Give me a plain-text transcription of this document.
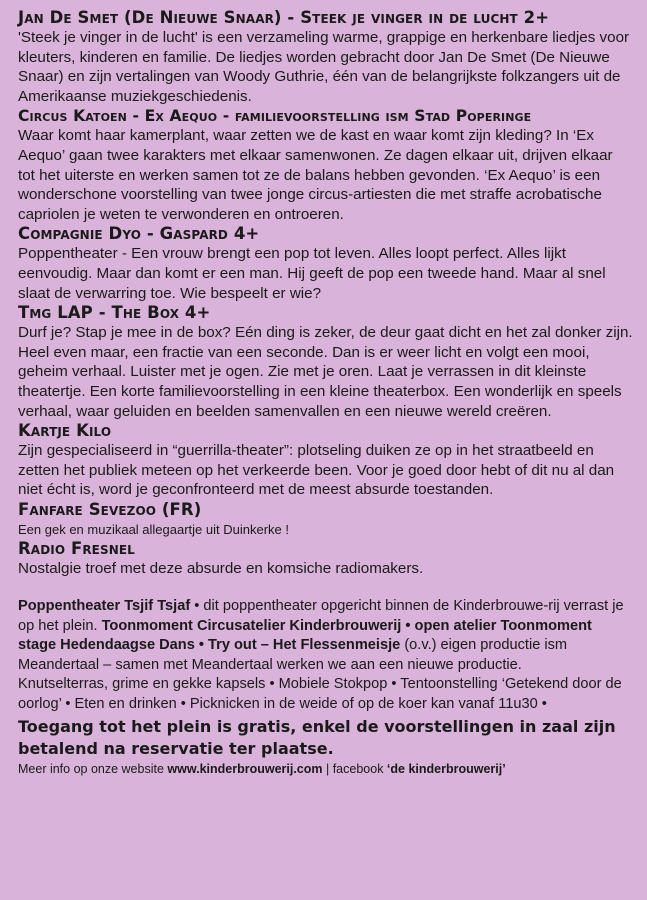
Jan De Smet (De Nieuwe Snaar) - Steek je vinger in de lucht 2+
'Steek je vinger in de lucht' is een verzameling warme, grappige en herkenbare liedjes voor kleuters, kinderen en familie. De liedjes worden gebracht door Jan De Smet (De Nieuwe Snaar) en zijn vertalingen van Woody Guthrie, één van de belangrijkste folkzangers uit de Amerikaanse muziekgeschiedenis.
Circus Katoen - Ex Aequo - familievoorstelling ism Stad Poperinge
Waar komt haar kamerplant, waar zetten we de kast en waar komt zijn kleding? In ‘Ex Aequo’ gaan twee karakters met elkaar samenwonen. Ze dagen elkaar uit, drijven elkaar tot het uiterste en werken samen tot ze de balans hebben gevonden. ‘Ex Aequo’ is een wonderschone voorstelling van twee jonge circus-artiesten die met straffe acrobatische capriolen je weten te verwonderen en ontroeren.
Compagnie Dyo - Gaspard 4+
Poppentheater - Een vrouw brengt een pop tot leven. Alles loopt perfect. Alles lijkt eenvoudig. Maar dan komt er een man. Hij geeft de pop een tweede hand. Maar al snel slaat de verwarring toe. Wie bespeelt er wie?
Tmg LAP - The Box 4+
Durf je? Stap je mee in de box? Eén ding is zeker, de deur gaat dicht en het zal donker zijn. Heel even maar, een fractie van een seconde. Dan is er weer licht en volgt een mooi, geheim verhaal. Luister met je ogen. Zie met je oren. Laat je verrassen in dit kleinste theatertje. Een korte familievoorstelling in een kleine theaterbox. Een wonderlijk en speels verhaal, waar geluiden en beelden samenvallen en een nieuwe wereld creëren.
Kartje Kilo
Zijn gespecialiseerd in “guerrilla-theater”: plotseling duiken ze op in het straatbeeld en zetten het publiek meteen op het verkeerde been. Voor je goed door hebt of dit nu al dan niet écht is, word je geconfronteerd met de meest absurde toestanden.
Fanfare Sevezoo (FR)
Een gek en muzikaal allegaartje uit Duinkerke !
Radio Fresnel
Nostalgie troef met deze absurde en komsiche radiomakers.
Poppentheater Tsjif Tsjaf • dit poppentheater opgericht binnen de Kinderbrouwe-rij verrast je op het plein. Toonmoment Circusatelier Kinderbrouwerij • open atelier Toonmoment stage Hedendaagse Dans • Try out – Het Flessenmeisje (o.v.) eigen productie ism Meandertaal – samen met Meandertaal werken we aan een nieuwe productie.
Knutselterras, grime en gekke kapsels • Mobiele Stokpop • Tentoonstelling ‘Getekend door de oorlog’ • Eten en drinken • Picknicken in de weide of op de koer kan vanaf 11u30 •
Toegang tot het plein is gratis, enkel de voorstellingen in zaal zijn betalend na reservatie ter plaatse.
Meer info op onze website www.kinderbrouwerij.com | facebook ‘de kinderbrouwerij’
